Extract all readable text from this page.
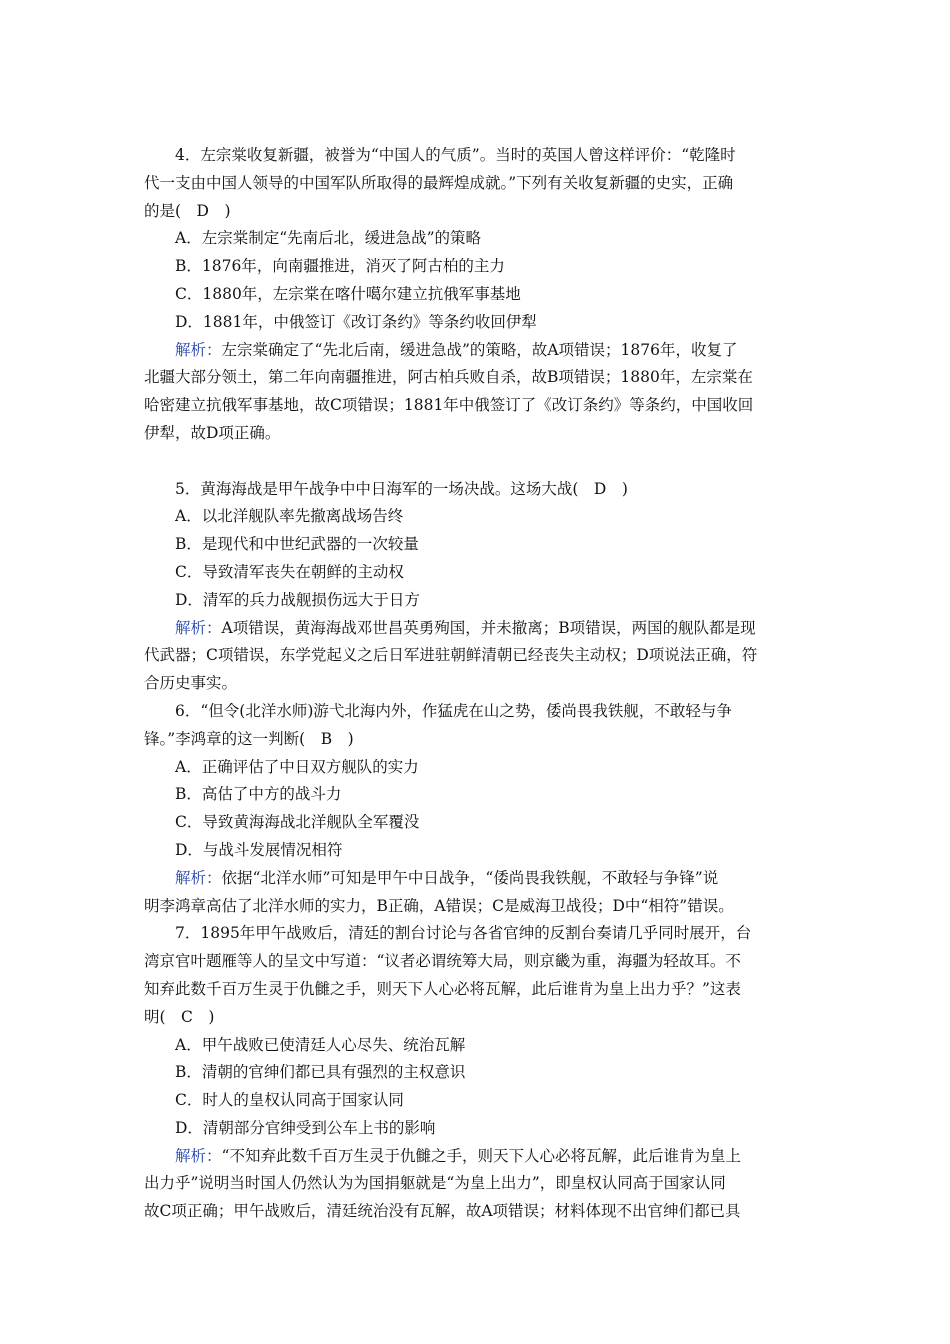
4．左宗棠收复新疆，被誉为“中国人的气质”。当时的英国人曾这样评价：“乾隆时
代一支由中国人领导的中国军队所取得的最辉煌成就。”下列有关收复新疆的史实，正确
的是(　D　)
A．左宗棠制定“先南后北，缓进急战”的策略
B．1876年，向南疆推进，消灭了阿古柏的主力
C．1880年，左宗棠在喀什噶尔建立抗俄军事基地
D．1881年，中俄签订《改订条约》等条约收回伊犁
解析：左宗棠确定了“先北后南，缓进急战”的策略，故A项错误；1876年，收复了
北疆大部分领土，第二年向南疆推进，阿古柏兵败自杀，故B项错误；1880年，左宗棠在
哈密建立抗俄军事基地，故C项错误；1881年中俄签订了《改订条约》等条约，中国收回
伊犁，故D项正确。
5．黄海海战是甲午战争中中日海军的一场决战。这场大战(　D　)
A．以北洋舰队率先撤离战场告终
B．是现代和中世纪武器的一次较量
C．导致清军丧失在朝鲜的主动权
D．清军的兵力战舰损伤远大于日方
解析：A项错误，黄海海战邓世昌英勇殉国，并未撤离；B项错误，两国的舰队都是现
代武器；C项错误，东学党起义之后日军进驻朝鲜清朝已经丧失主动权；D项说法正确，符
合历史事实。
6．“但令(北洋水师)游弋北海内外，作猛虎在山之势，倭尚畏我铁舰，不敢轻与争
锋。”李鸿章的这一判断(　B　)
A．正确评估了中日双方舰队的实力
B．高估了中方的战斗力
C．导致黄海海战北洋舰队全军覆没
D．与战斗发展情况相符
解析：依据“北洋水师”可知是甲午中日战争，“倭尚畏我铁舰，不敢轻与争锋”说
明李鸿章高估了北洋水师的实力，B正确，A错误；C是威海卫战役；D中“相符”错误。
7．1895年甲午战败后，清廷的割台讨论与各省官绅的反割台奏请几乎同时展开，台
湾京官叶题雁等人的呈文中写道：“议者必谓统筹大局，则京畿为重，海疆为轻故耳。不
知弃此数千百万生灵于仇雠之手，则天下人心必将瓦解，此后谁肯为皇上出力乎？”这表
明(　C　)
A．甲午战败已使清廷人心尽失、统治瓦解
B．清朝的官绅们都已具有强烈的主权意识
C．时人的皇权认同高于国家认同
D．清朝部分官绅受到公车上书的影响
解析：“不知弃此数千百万生灵于仇雠之手，则天下人心必将瓦解，此后谁肯为皇上
出力乎”说明当时国人仍然认为为国捐躯就是“为皇上出力”，即皇权认同高于国家认同
故C项正确；甲午战败后，清廷统治没有瓦解，故A项错误；材料体现不出官绅们都已具
